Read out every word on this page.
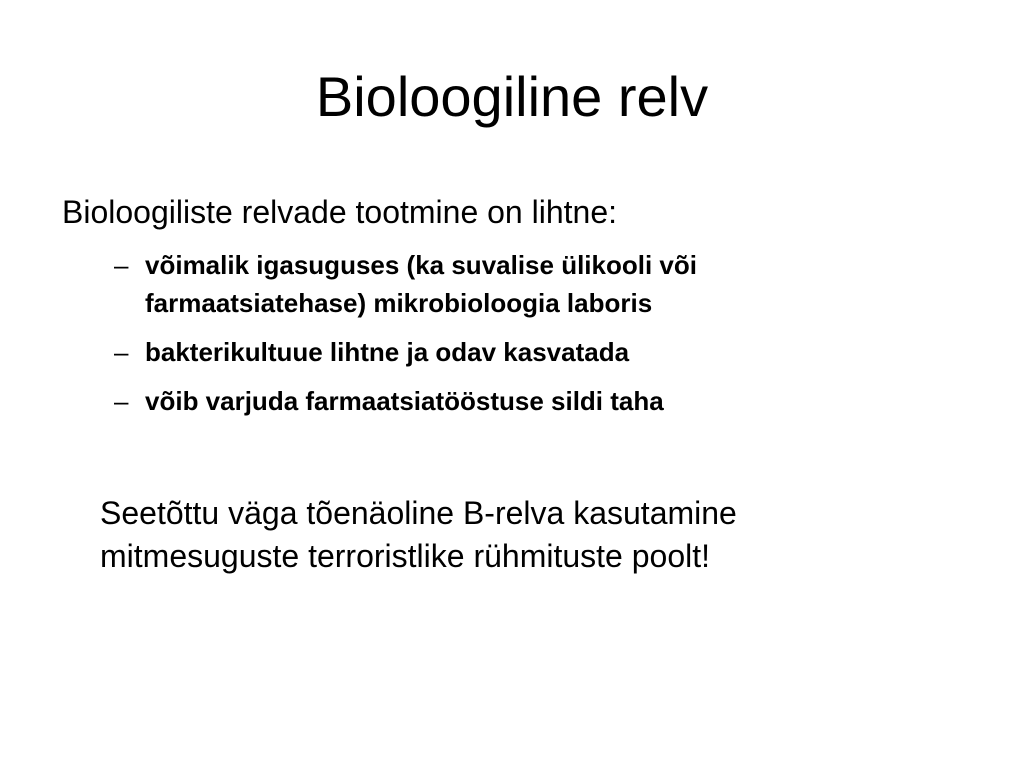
Bioloogiline relv

Bioloogiliste relvade tootmine on lihtne:

– võimalik igasuguses (ka suvalise ülikooli või
farmaatsiatehase) mikrobioloogia laboris
– bakterikultuue lihtne ja odav kasvatada
– võib varjuda farmaatsiatööstuse sildi taha

Seetõttu väga tõenäoline B-relva kasutamine
mitmesuguste terroristlike rühmituste poolt!
